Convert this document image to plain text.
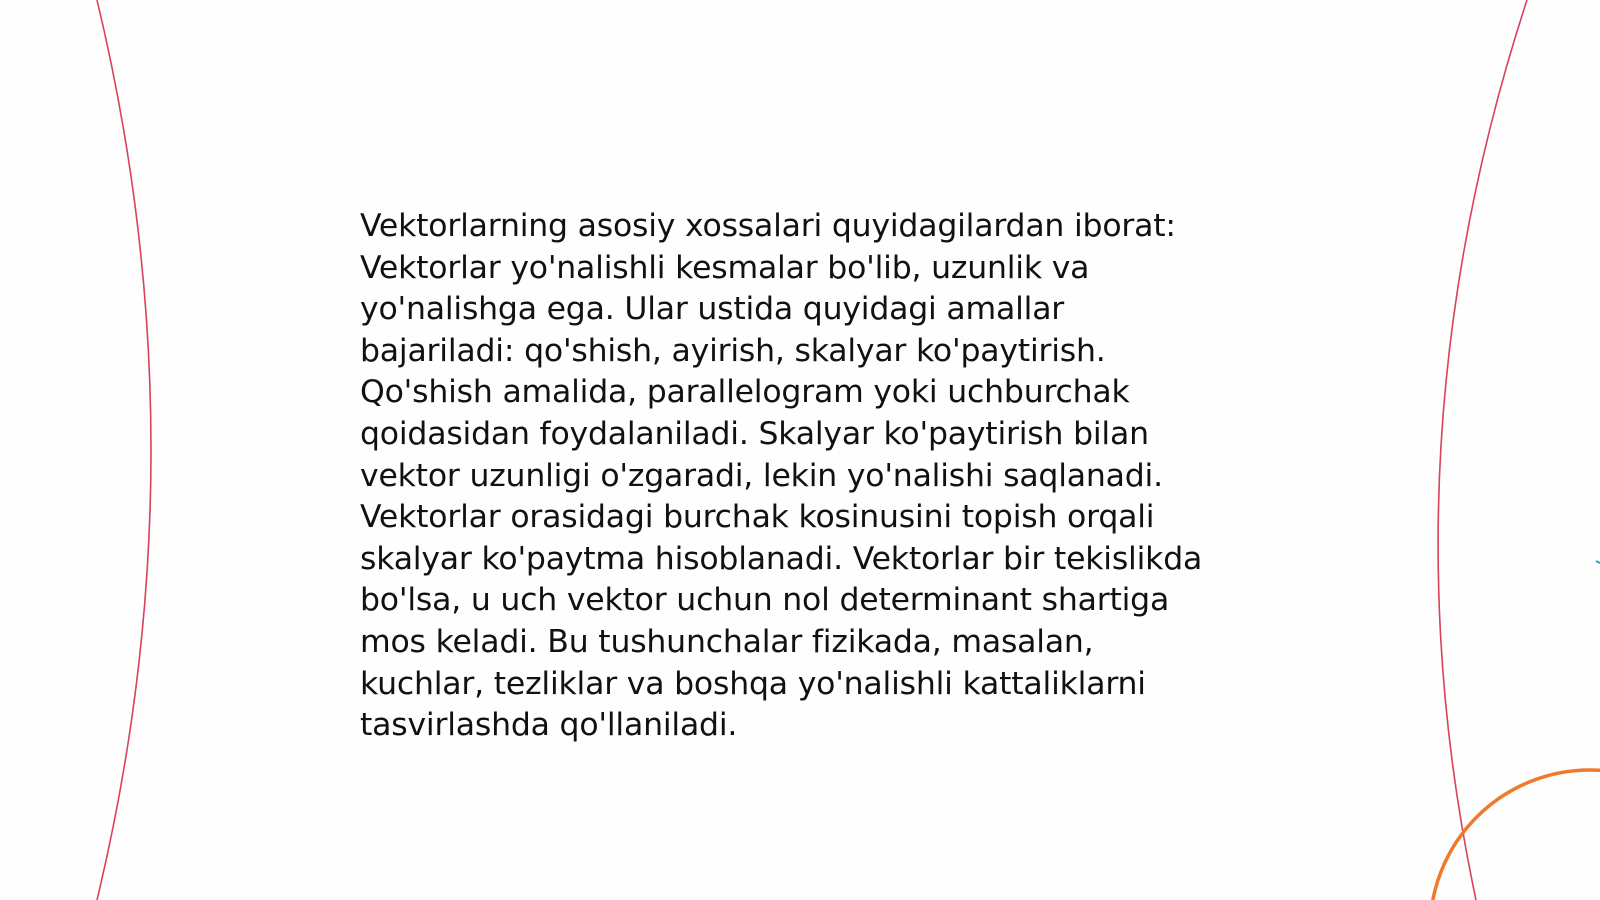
Vektorlarning asosiy xossalari quyidagilardan iborat:
Vektorlar yo'nalishli kesmalar bo'lib, uzunlik va
yo'nalishga ega. Ular ustida quyidagi amallar
bajariladi: qo'shish, ayirish, skalyar ko'paytirish.
Qo'shish amalida, parallelogram yoki uchburchak
qoidasidan foydalaniladi. Skalyar ko'paytirish bilan
vektor uzunligi o'zgaradi, lekin yo'nalishi saqlanadi.
Vektorlar orasidagi burchak kosinusini topish orqali
skalyar ko'paytma hisoblanadi. Vektorlar bir tekislikda
bo'lsa, u uch vektor uchun nol determinant shartiga
mos keladi. Bu tushunchalar fizikada, masalan,
kuchlar, tezliklar va boshqa yo'nalishli kattaliklarni
tasvirlashda qo'llaniladi.
